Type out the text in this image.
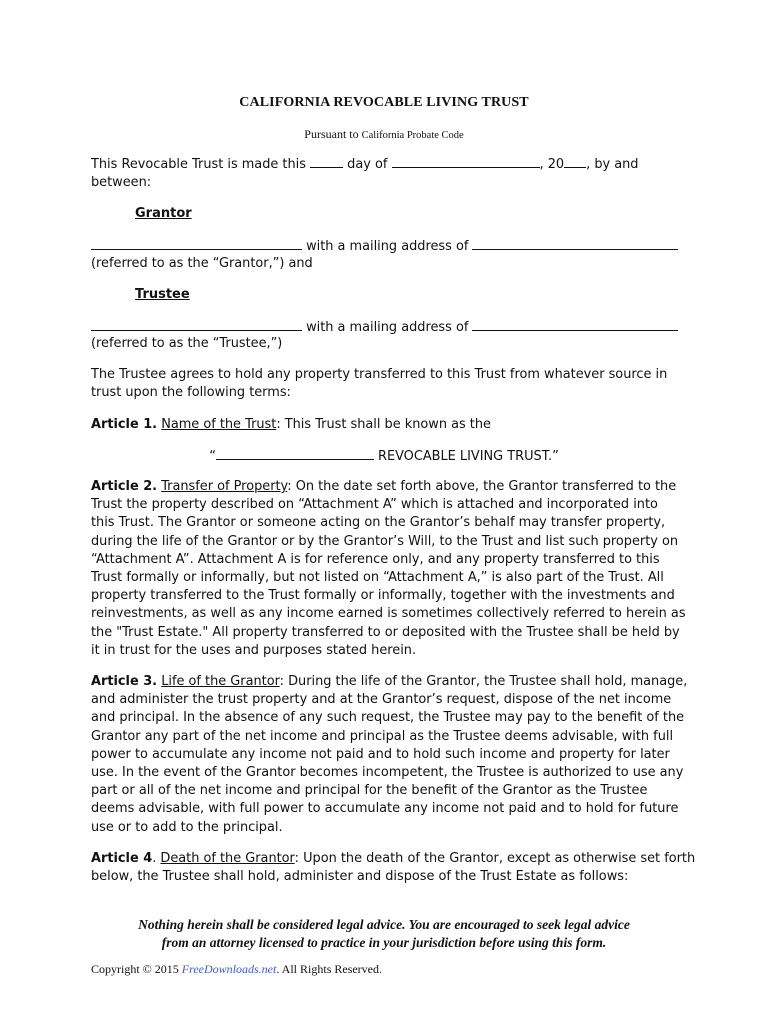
CALIFORNIA REVOCABLE LIVING TRUST
Pursuant to California Probate Code
This Revocable Trust is made this	day of	, 20 , by and
between:
Grantor
with a mailing address of
(referred to as the “Grantor,”) and
Trustee
with a mailing address of
(referred to as the “Trustee,”)
The Trustee agrees to hold any property transferred to this Trust from whatever source in
trust upon the following terms:
Article 1. Name of the Trust: This Trust shall be known as the
“	REVOCABLE LIVING TRUST.”
Article 2. Transfer of Property: On the date set forth above, the Grantor transferred to the
Trust the property described on “Attachment A” which is attached and incorporated into
this Trust. The Grantor or someone acting on the Grantor’s behalf may transfer property,
during the life of the Grantor or by the Grantor’s Will, to the Trust and list such property on
“Attachment A”. Attachment A is for reference only, and any property transferred to this
Trust formally or informally, but not listed on “Attachment A,” is also part of the Trust. All
property transferred to the Trust formally or informally, together with the investments and
reinvestments, as well as any income earned is sometimes collectively referred to herein as
the "Trust Estate." All property transferred to or deposited with the Trustee shall be held by
it in trust for the uses and purposes stated herein.
Article 3. Life of the Grantor: During the life of the Grantor, the Trustee shall hold, manage,
and administer the trust property and at the Grantor’s request, dispose of the net income
and principal. In the absence of any such request, the Trustee may pay to the benefit of the
Grantor any part of the net income and principal as the Trustee deems advisable, with full
power to accumulate any income not paid and to hold such income and property for later
use. In the event of the Grantor becomes incompetent, the Trustee is authorized to use any
part or all of the net income and principal for the benefit of the Grantor as the Trustee
deems advisable, with full power to accumulate any income not paid and to hold for future
use or to add to the principal.
Article 4. Death of the Grantor: Upon the death of the Grantor, except as otherwise set forth
below, the Trustee shall hold, administer and dispose of the Trust Estate as follows:
Nothing herein shall be considered legal advice. You are encouraged to seek legal advice
from an attorney licensed to practice in your jurisdiction before using this form.
Copyright © 2015 FreeDownloads.net. All Rights Reserved.
